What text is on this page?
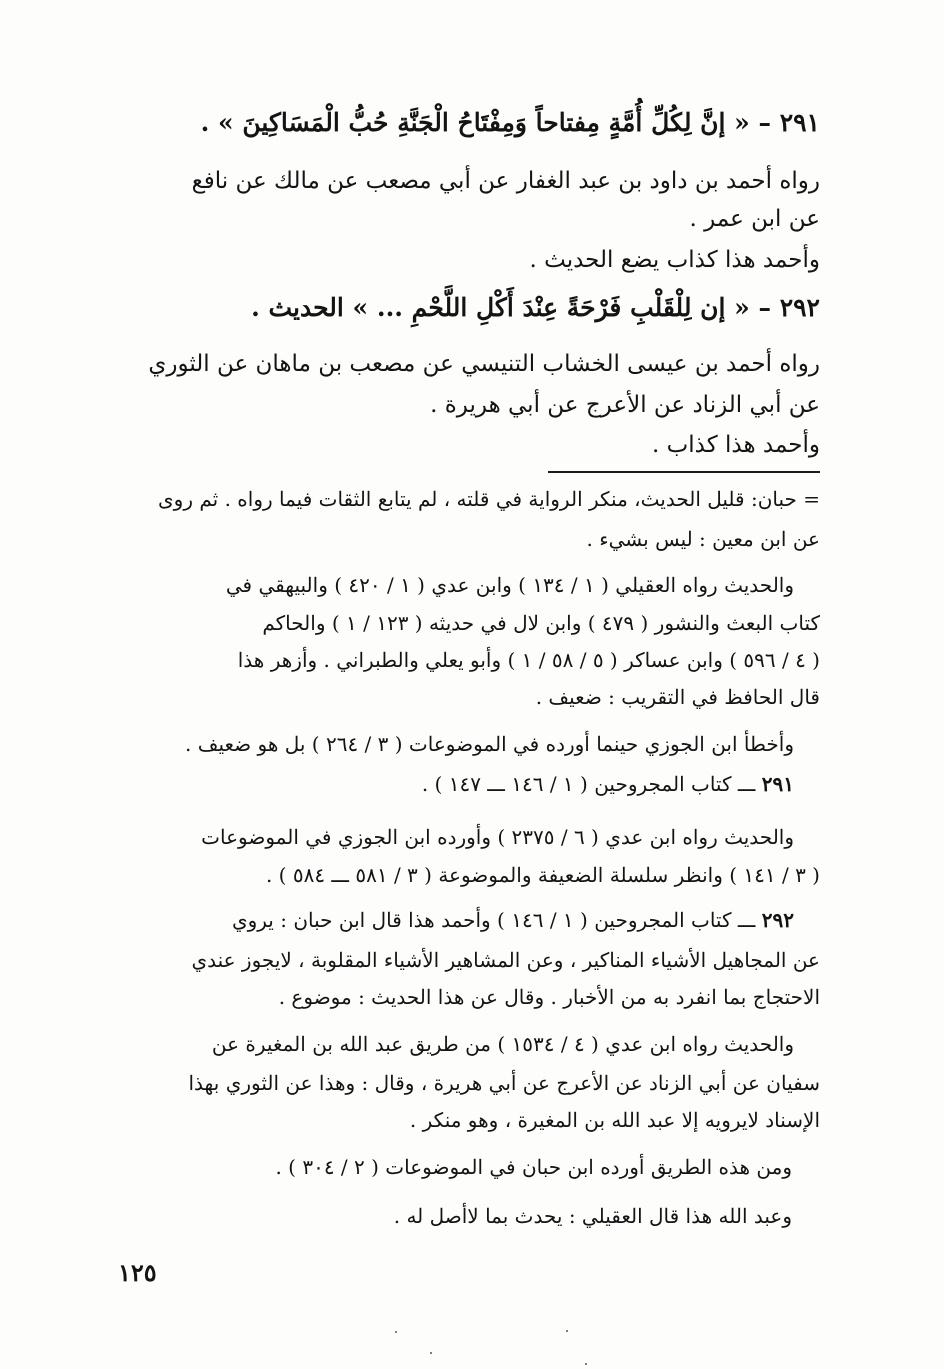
٢٩١ – « إنَّ لِكُلِّ أُمَّةٍ مِفتاحاً وَمِفْتَاحُ الْجَنَّةِ حُبُّ الْمَسَاكِينَ » .
رواه أحمد بن داود بن عبد الغفار عن أبي مصعب عن مالك عن نافع
عن ابن عمر .
وأحمد هذا كذاب يضع الحديث .
٢٩٢ – « إن لِلْقَلْبِ فَرْحَةً عِنْدَ أَكْلِ اللَّحْمِ ... » الحديث .
رواه أحمد بن عيسى الخشاب التنيسي عن مصعب بن ماهان عن الثوري
عن أبي الزناد عن الأعرج عن أبي هريرة .
وأحمد هذا كذاب .
= حبان: قليل الحديث، منكر الرواية في قلته ، لم يتابع الثقات فيما رواه . ثم روى
عن ابن معين : ليس بشيء .
والحديث رواه العقيلي ( ١ / ١٣٤ ) وابن عدي ( ١ / ٤٢٠ ) والبيهقي في
كتاب البعث والنشور ( ٤٧٩ ) وابن لال في حديثه ( ١٢٣ / ١ ) والحاكم
( ٤ / ٥٩٦ ) وابن عساكر ( ٥ / ٥٨ / ١ ) وأبو يعلي والطبراني . وأزهر هذا
قال الحافظ في التقريب : ضعيف .
وأخطأ ابن الجوزي حينما أورده في الموضوعات ( ٣ / ٢٦٤ ) بل هو ضعيف .
٢٩١ ـــ كتاب المجروحين ( ١ / ١٤٦ ـــ ١٤٧ ) .
والحديث رواه ابن عدي ( ٦ / ٢٣٧٥ ) وأورده ابن الجوزي في الموضوعات
( ٣ / ١٤١ ) وانظر سلسلة الضعيفة والموضوعة ( ٣ / ٥٨١ ـــ ٥٨٤ ) .
٢٩٢ ـــ كتاب المجروحين ( ١ / ١٤٦ ) وأحمد هذا قال ابن حبان : يروي
عن المجاهيل الأشياء المناكير ، وعن المشاهير الأشياء المقلوبة ، لايجوز عندي
الاحتجاج بما انفرد به من الأخبار . وقال عن هذا الحديث : موضوع .
والحديث رواه ابن عدي ( ٤ / ١٥٣٤ ) من طريق عبد الله بن المغيرة عن
سفيان عن أبي الزناد عن الأعرج عن أبي هريرة ، وقال : وهذا عن الثوري بهذا
الإسناد لايرويه إلا عبد الله بن المغيرة ، وهو منكر .
ومن هذه الطريق أورده ابن حبان في الموضوعات ( ٢ / ٣٠٤ ) .
وعبد الله هذا قال العقيلي : يحدث بما لاأصل له .
١٢٥
